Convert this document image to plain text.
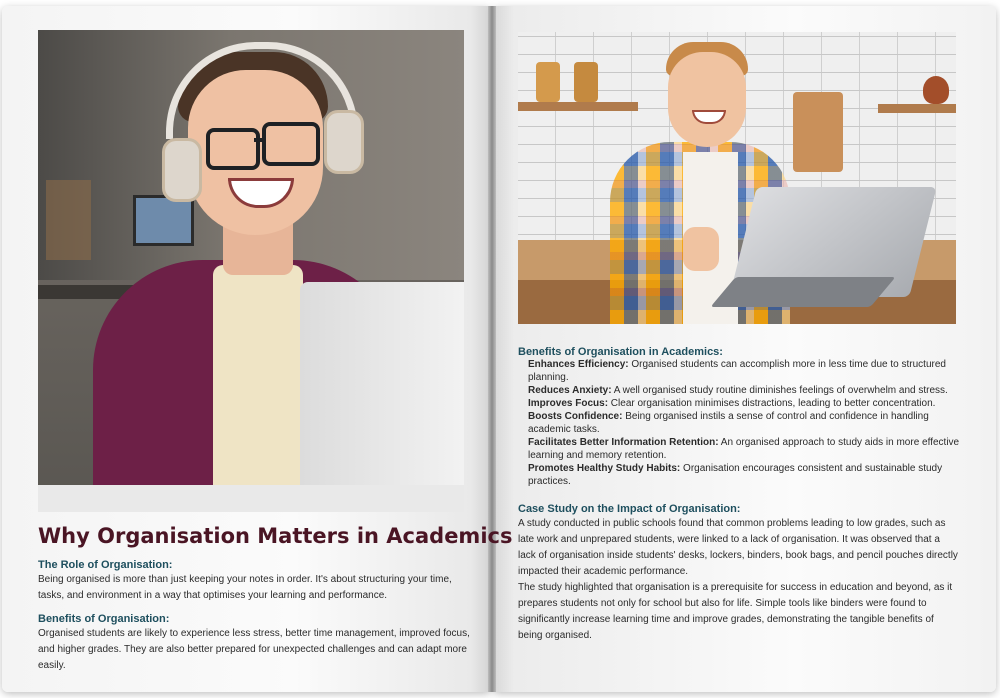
Why Organisation Matters in Academics
The Role of Organisation:

Being organised is more than just keeping your notes in order. It's about structuring your time, tasks, and environment in a way that optimises your learning and performance.

Benefits of Organisation:

Organised students are likely to experience less stress, better time management, improved focus, and higher grades. They are also better prepared for unexpected challenges and can adapt more easily.

Benefits of Organisation in Academics:
Enhances Efficiency: Organised students can accomplish more in less time due to structured planning.
Reduces Anxiety: A well organised study routine diminishes feelings of overwhelm and stress.
Improves Focus: Clear organisation minimises distractions, leading to better concentration.
Boosts Confidence: Being organised instils a sense of control and confidence in handling academic tasks.
Facilitates Better Information Retention: An organised approach to study aids in more effective learning and memory retention.
Promotes Healthy Study Habits: Organisation encourages consistent and sustainable study practices.
Case Study on the Impact of Organisation:

A study conducted in public schools found that common problems leading to low grades, such as late work and unprepared students, were linked to a lack of organisation. It was observed that a lack of organisation inside students' desks, lockers, binders, book bags, and pencil pouches directly impacted their academic performance.

The study highlighted that organisation is a prerequisite for success in education and beyond, as it prepares students not only for school but also for life. Simple tools like binders were found to significantly increase learning time and improve grades, demonstrating the tangible benefits of being organised.
